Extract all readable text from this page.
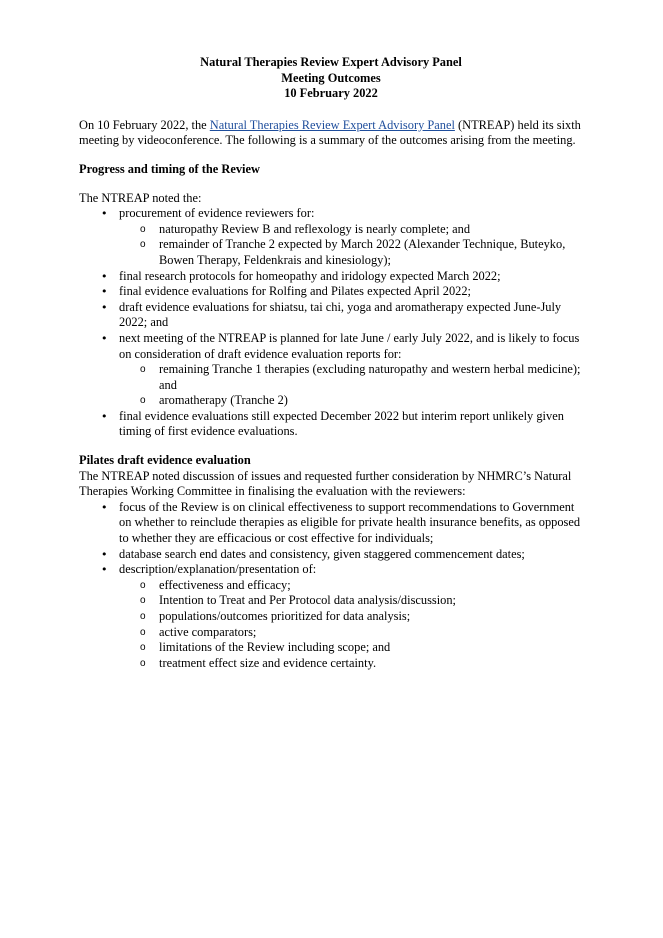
Natural Therapies Review Expert Advisory Panel
Meeting Outcomes
10 February 2022

On 10 February 2022, the Natural Therapies Review Expert Advisory Panel (NTREAP) held its sixth meeting by videoconference. The following is a summary of the outcomes arising from the meeting.

Progress and timing of the Review
The NTREAP noted the:
• procurement of evidence reviewers for:
o naturopathy Review B and reflexology is nearly complete; and
o remainder of Tranche 2 expected by March 2022 (Alexander Technique, Buteyko, Bowen Therapy, Feldenkrais and kinesiology);
• final research protocols for homeopathy and iridology expected March 2022;
• final evidence evaluations for Rolfing and Pilates expected April 2022;
• draft evidence evaluations for shiatsu, tai chi, yoga and aromatherapy expected June-July 2022; and
• next meeting of the NTREAP is planned for late June / early July 2022, and is likely to focus on consideration of draft evidence evaluation reports for:
o remaining Tranche 1 therapies (excluding naturopathy and western herbal medicine); and
o aromatherapy (Tranche 2)
• final evidence evaluations still expected December 2022 but interim report unlikely given timing of first evidence evaluations.
Pilates draft evidence evaluation
The NTREAP noted discussion of issues and requested further consideration by NHMRC’s Natural Therapies Working Committee in finalising the evaluation with the reviewers:
• focus of the Review is on clinical effectiveness to support recommendations to Government on whether to reinclude therapies as eligible for private health insurance benefits, as opposed to whether they are efficacious or cost effective for individuals;
• database search end dates and consistency, given staggered commencement dates;
• description/explanation/presentation of:
o effectiveness and efficacy;
o Intention to Treat and Per Protocol data analysis/discussion;
o populations/outcomes prioritized for data analysis;
o active comparators;
o limitations of the Review including scope; and
o treatment effect size and evidence certainty.
